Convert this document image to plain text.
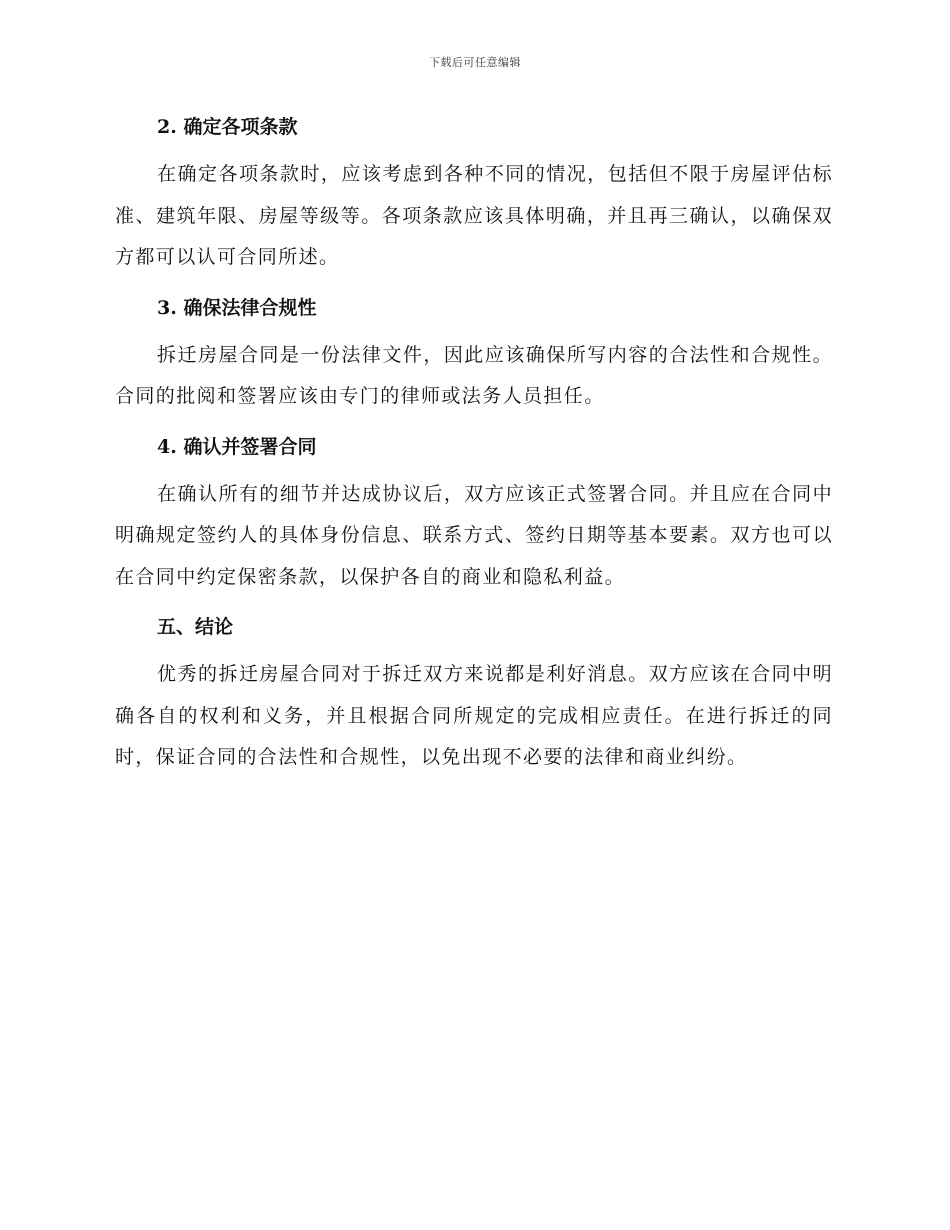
下载后可任意编辑
2. 确定各项条款

在确定各项条款时，应该考虑到各种不同的情况，包括但不限于房屋评估标准、建筑年限、房屋等级等。各项条款应该具体明确，并且再三确认，以确保双方都可以认可合同所述。

3. 确保法律合规性

拆迁房屋合同是一份法律文件，因此应该确保所写内容的合法性和合规性。合同的批阅和签署应该由专门的律师或法务人员担任。

4. 确认并签署合同

在确认所有的细节并达成协议后，双方应该正式签署合同。并且应在合同中明确规定签约人的具体身份信息、联系方式、签约日期等基本要素。双方也可以在合同中约定保密条款，以保护各自的商业和隐私利益。

五、结论

优秀的拆迁房屋合同对于拆迁双方来说都是利好消息。双方应该在合同中明确各自的权利和义务，并且根据合同所规定的完成相应责任。在进行拆迁的同时，保证合同的合法性和合规性，以免出现不必要的法律和商业纠纷。
